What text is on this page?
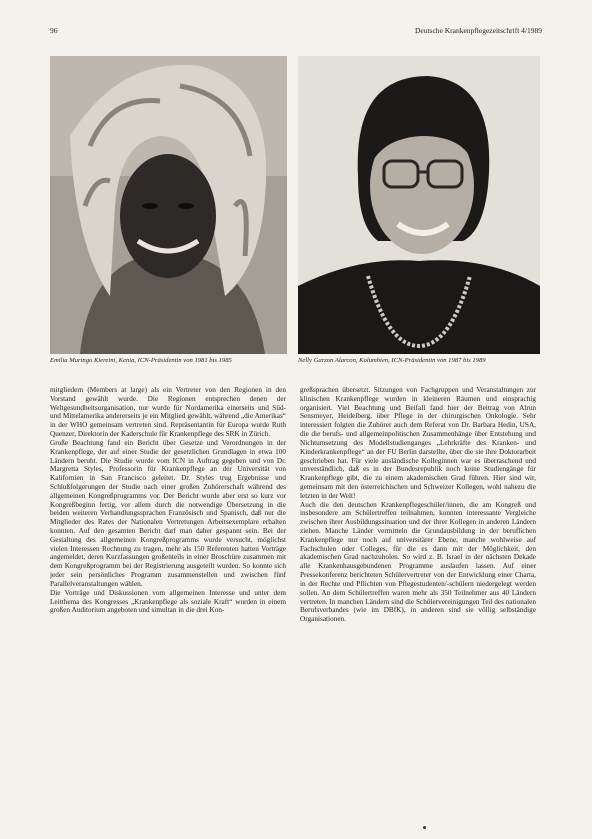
96	Deutsche Krankenpflegezeitschrift 4/1989

Emilia Muringo Kiereini, Kenia, ICN-Präsidentin von 1981 bis 1985	Nelly Garzon Alarcon, Kolumbien, ICN-Präsidentin von 1987 bis 1989

mitgliedern (Members at large) als ein Vertreter von den Regionen in den Vorstand gewählt wurde. Die Regionen entsprechen denen der Weltgesundheitsorganisation, nur wurde für Nordamerika einerseits und Süd- und Mittelamerika andererseits je ein Mitglied gewählt, während „die Amerikas“ in der WHO gemeinsam vertreten sind. Repräsentantin für Europa wurde Ruth Quenzer, Direktorin der Kaderschule für Krankenpflege des SRK in Zürich.

Große Beachtung fand ein Bericht über Gesetze und Verordnungen in der Krankenpflege, der auf einer Studie der gesetzlichen Grundlagen in etwa 100 Ländern beruht. Die Studie wurde vom ICN in Auftrag gegeben und von Dr. Margretta Styles, Professorin für Krankenpflege an der Universität von Kalifornien in San Francisco geleitet. Dr. Styles trug Ergebnisse und Schlußfolgerungen der Studie nach einer großen Zuhörerschaft während des allgemeinen Kongreßprogramms vor. Der Bericht wurde aber erst so kurz vor Kongreßbeginn fertig, vor allem durch die notwendige Übersetzung in die beiden weiteren Verhandlungssprachen Französisch und Spanisch, daß nur die Mitglieder des Rates der Nationalen Vertretungen Arbeitsexemplare erhalten konnten. Auf den gesamten Bericht darf man daher gespannt sein. Bei der Gestaltung des allgemeinen Kongreßprogramms wurde versucht, möglichst vielen Interessen Rechnung zu tragen, mehr als 150 Referenten hatten Vorträge angemeldet, deren Kurzfassungen großenteils in einer Broschüre zusammen mit dem Kongreßprogramm bei der Registrierung ausgeteilt wurden. So konnte sich jeder sein persönliches Programm zusammenstellen und zwischen fünf Parallelveranstaltungen wählen.

Die Vorträge und Diskussionen vom allgemeinen Interesse und unter dem Leitthema des Kongresses „Krankenpflege als soziale Kraft“ wurden in einem großen Auditorium angeboten und simultan in die drei Kon-

greßsprachen übersetzt. Sitzungen von Fachgruppen und Veranstaltungen zur klinischen Krankenpflege wurden in kleineren Räumen und einsprachig organisiert. Viel Beachtung und Beifall fand hier der Beitrag von Alrun Sensmeyer, Heidelberg, über Pflege in der chirurgischen Onkologie. Sehr interessiert folgten die Zuhörer auch dem Referat von Dr. Barbara Hedin, USA, die die berufs- und allgemeinpolitischen Zusammenhänge über Entstehung und Nichtumsetzung des Modellstudienganges „Lehrkräfte des Kranken- und Kinderkrankenpflege“ an der FU Berlin darstellte, über die sie ihre Doktorarbeit geschrieben hat. Für viele ausländische Kolleginnen war es überraschend und unverständlich, daß es in der Bundesrepublik noch keine Studiengänge für Krankenpflege gibt, die zu einem akademischen Grad führen. Hier sind wir, gemeinsam mit den österreichischen und Schweizer Kollegen, wohl nahezu die letzten in der Welt!

Auch die den deutschen Krankenpflegeschüler/innen, die am Kongreß und insbesondere am Schülertreffen teilnahmen, konnten interessante Vergleiche zwischen ihrer Ausbildungssituation und der ihrer Kollegen in anderen Ländern ziehen. Manche Länder vermitteln die Grundausbildung in der beruflichen Krankenpflege nur noch auf universitärer Ebene, manche wohlweise auf Fachschulen oder Colleges, für die es dann mit der Möglichkeit, den akademischen Grad nachzuholen. So wird z. B. Israel in der nächsten Dekade alle Krankenhausgebundenen Programme auslaufen lassen. Auf einer Pressekonferenz berichteten Schülervertreter von der Entwicklung einer Charta, in der Rechte und Pflichten von Pflegestudenten/-schülern niedergelegt werden sollen. An dem Schülertreffen waren mehr als 350 Teilnehmer aus 40 Ländern vertreten. In manchen Ländern sind die Schülervereinigungen Teil des nationalen Berufsverbandes (wie im DBfK), in anderen sind sie völlig selbständige Organisationen.
